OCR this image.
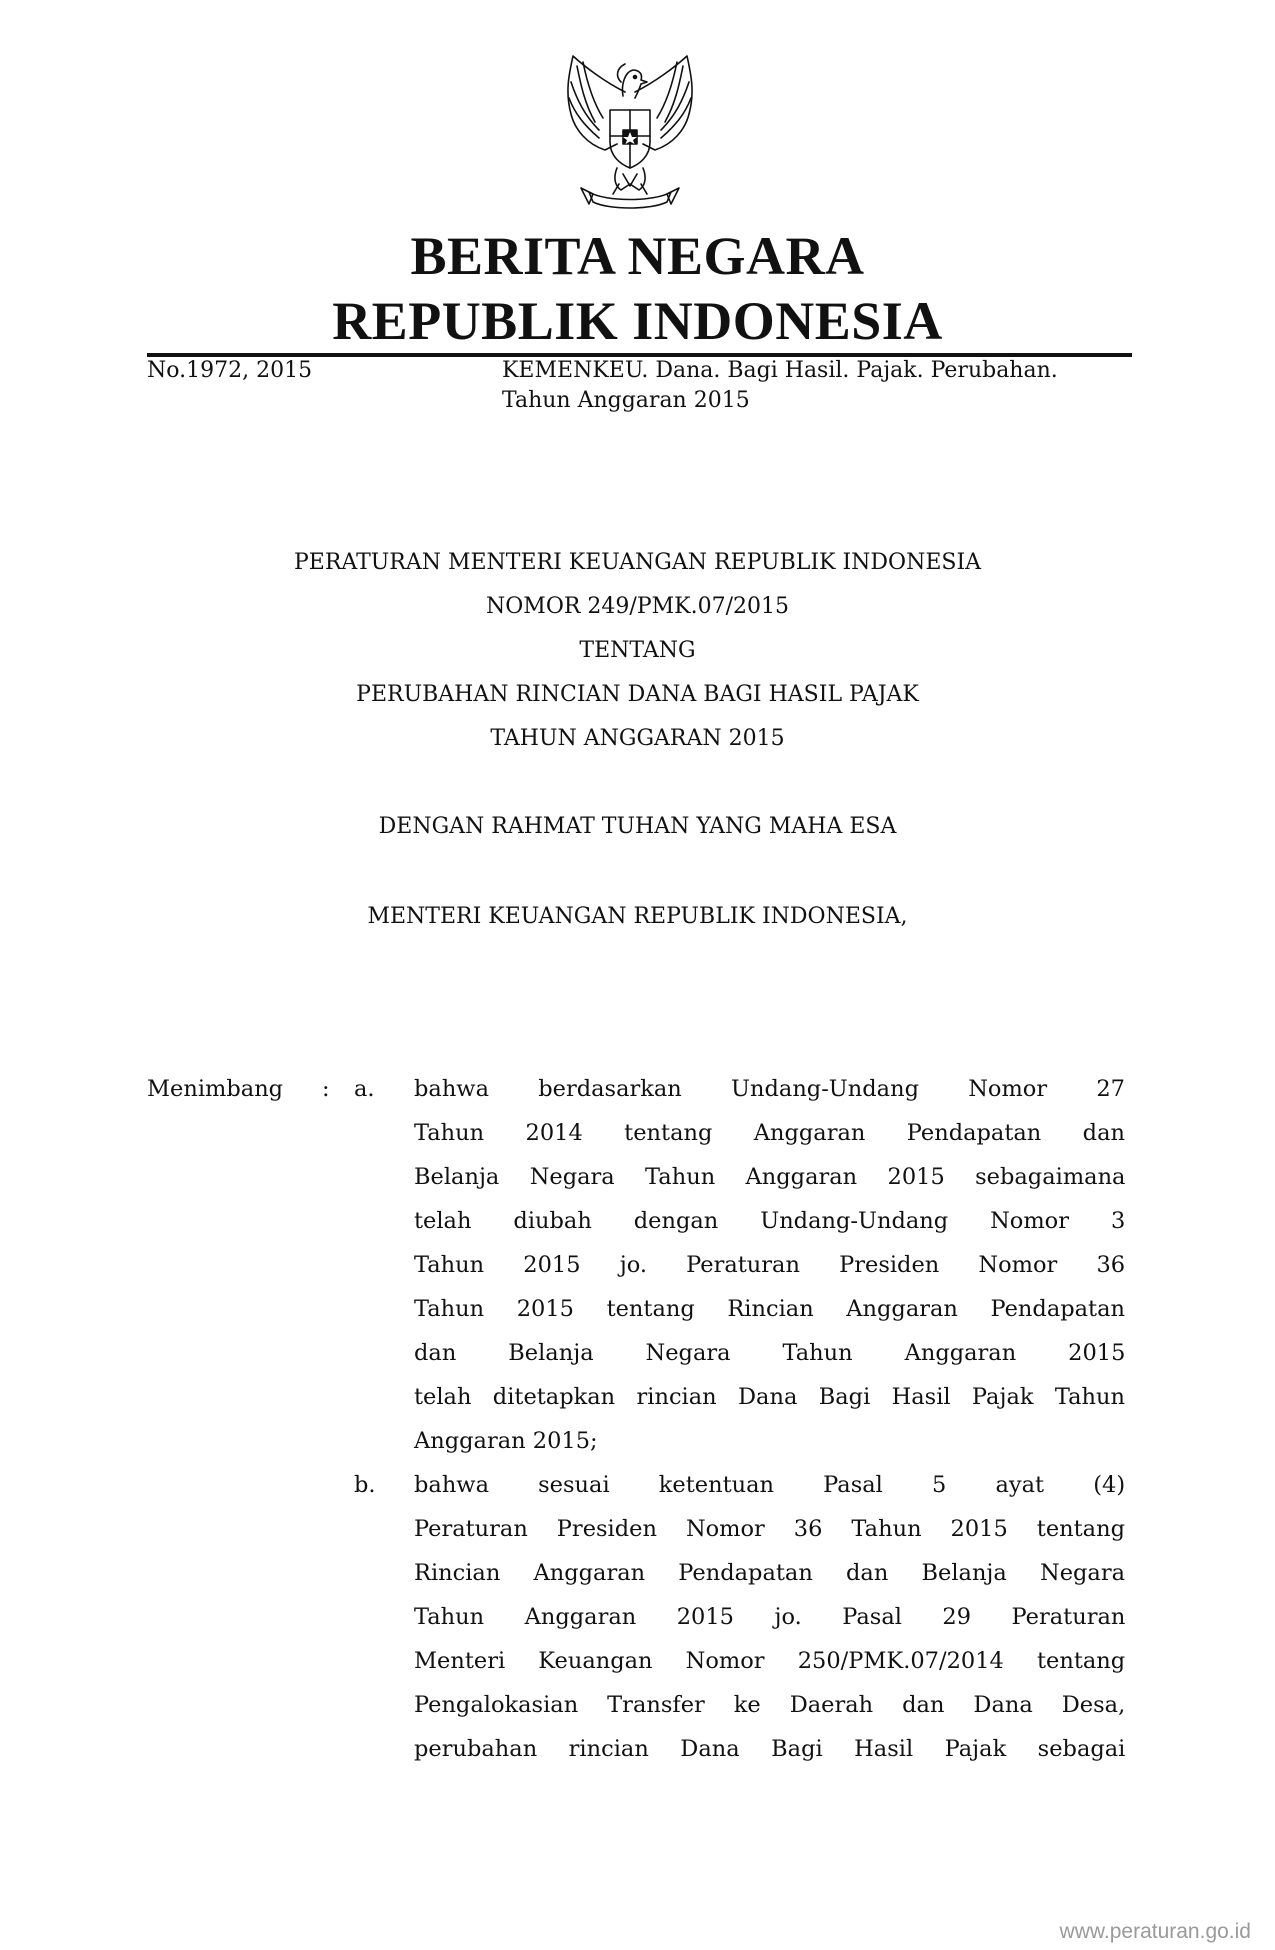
BERITA NEGARA
REPUBLIK INDONESIA
No.1972, 2015	KEMENKEU. Dana. Bagi Hasil. Pajak. Perubahan.
Tahun Anggaran 2015
PERATURAN MENTERI KEUANGAN REPUBLIK INDONESIA
NOMOR 249/PMK.07/2015
TENTANG
PERUBAHAN RINCIAN DANA BAGI HASIL PAJAK
TAHUN ANGGARAN 2015
DENGAN RAHMAT TUHAN YANG MAHA ESA
MENTERI KEUANGAN REPUBLIK INDONESIA,
Menimbang : a. bahwa berdasarkan Undang-Undang Nomor 27
Tahun 2014 tentang Anggaran Pendapatan dan
Belanja Negara Tahun Anggaran 2015 sebagaimana
telah diubah dengan Undang-Undang Nomor 3
Tahun 2015 jo. Peraturan Presiden Nomor 36
Tahun 2015 tentang Rincian Anggaran Pendapatan
dan Belanja Negara Tahun Anggaran 2015
telah ditetapkan rincian Dana Bagi Hasil Pajak Tahun
Anggaran 2015;
b. bahwa sesuai ketentuan Pasal 5 ayat (4)
Peraturan Presiden Nomor 36 Tahun 2015 tentang
Rincian Anggaran Pendapatan dan Belanja Negara
Tahun Anggaran 2015 jo. Pasal 29 Peraturan
Menteri Keuangan Nomor 250/PMK.07/2014 tentang
Pengalokasian Transfer ke Daerah dan Dana Desa,
perubahan rincian Dana Bagi Hasil Pajak sebagai
www.peraturan.go.id
